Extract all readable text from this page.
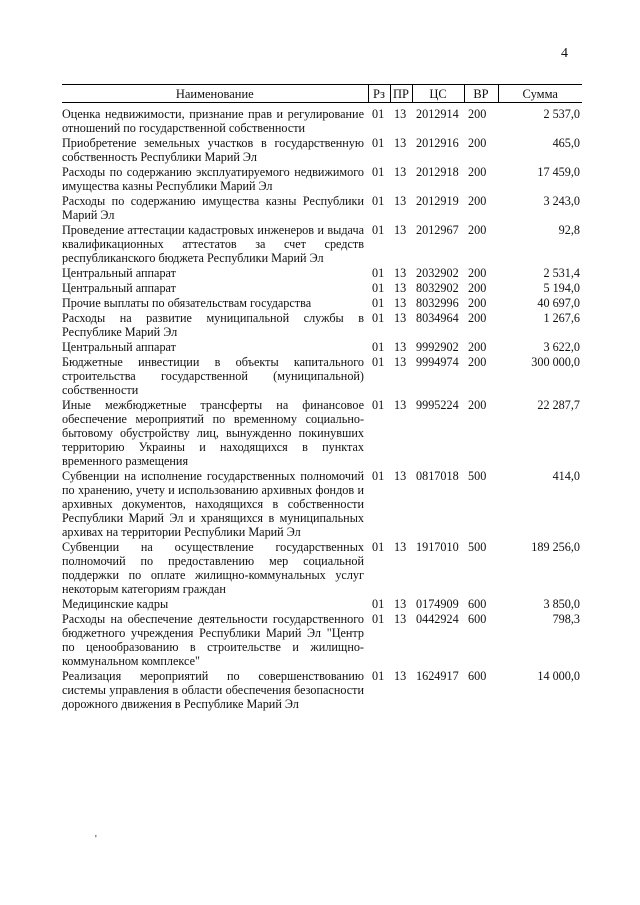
4
Наименование	Рз	ПР	ЦС	ВР	Сумма
Оценка недвижимости, признание прав и регулирование отношений по государственной собственности	01	13	2012914	200	2 537,0
Приобретение земельных участков в государственную собственность Республики Марий Эл	01	13	2012916	200	465,0
Расходы по содержанию эксплуатируемого недвижимого имущества казны Республики Марий Эл	01	13	2012918	200	17 459,0
Расходы по содержанию имущества казны Республики Марий Эл	01	13	2012919	200	3 243,0
Проведение аттестации кадастровых инженеров и выдача квалификационных аттестатов за счет средств республиканского бюджета Республики Марий Эл	01	13	2012967	200	92,8
Центральный аппарат	01	13	2032902	200	2 531,4
Центральный аппарат	01	13	8032902	200	5 194,0
Прочие выплаты по обязательствам государства	01	13	8032996	200	40 697,0
Расходы на развитие муниципальной службы в Республике Марий Эл	01	13	8034964	200	1 267,6
Центральный аппарат	01	13	9992902	200	3 622,0
Бюджетные инвестиции в объекты капитального строительства государственной (муниципальной) собственности	01	13	9994974	200	300 000,0
Иные межбюджетные трансферты на финансовое обеспечение мероприятий по временному социально-бытовому обустройству лиц, вынужденно покинувших территорию Украины и находящихся в пунктах временного размещения	01	13	9995224	200	22 287,7
Субвенции на исполнение государственных полномочий по хранению, учету и использованию архивных фондов и архивных документов, находящихся в собственности Республики Марий Эл и хранящихся в муниципальных архивах на территории Республики Марий Эл	01	13	0817018	500	414,0
Субвенции на осуществление государственных полномочий по предоставлению мер социальной поддержки по оплате жилищно-коммунальных услуг некоторым категориям граждан	01	13	1917010	500	189 256,0
Медицинские кадры	01	13	0174909	600	3 850,0
Расходы на обеспечение деятельности государственного бюджетного учреждения Республики Марий Эл "Центр по ценообразованию в строительстве и жилищно-коммунальном комплексе"	01	13	0442924	600	798,3
Реализация мероприятий по совершенствованию системы управления в области обеспечения безопасности дорожного движения в Республике Марий Эл	01	13	1624917	600	14 000,0
'
